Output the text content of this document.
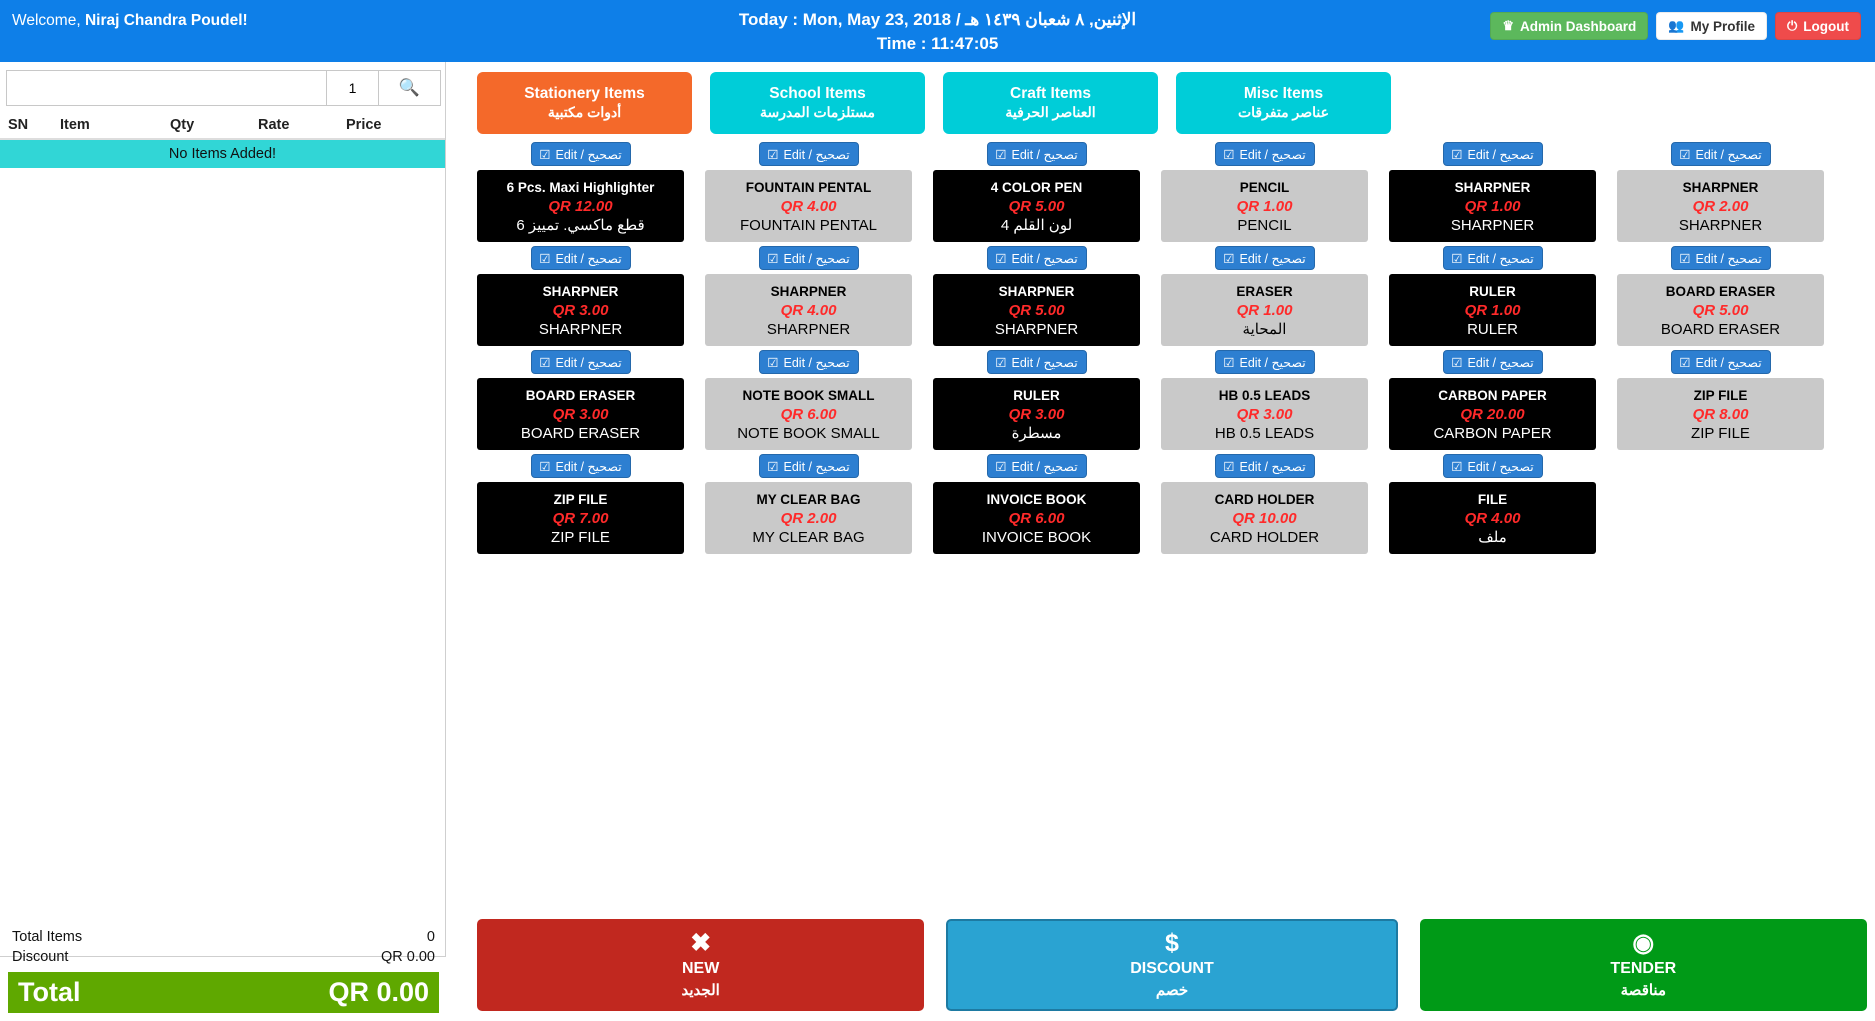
Welcome, Niraj Chandra Poudel!	Today : Mon, May 23, 2018 / الإثنين, ٨ شعبان ١٤٣٩ هـ
Time : 11:47:05
♛ Admin Dashboard 👥 My Profile ⏻ Logout
1
🔍
SN	Item	Qty	Rate	Price
No Items Added!
Total Items	0
Discount	QR 0.00
Total	QR 0.00
Stationery Items
أدوات مكتبية
School Items
مستلزمات المدرسة
Craft Items
العناصر الحرفية
Misc Items
عناصر متفرقات
☑ Edit / تصحيح
6 Pcs. Maxi Highlighter
QR 12.00
6 قطع ماكسي. تمييز
☑ Edit / تصحيح
FOUNTAIN PENTAL
QR 4.00
FOUNTAIN PENTAL
☑ Edit / تصحيح
4 COLOR PEN
QR 5.00
4 لون القلم
☑ Edit / تصحيح
PENCIL
QR 1.00
PENCIL
☑ Edit / تصحيح
SHARPNER
QR 1.00
SHARPNER
☑ Edit / تصحيح
SHARPNER
QR 2.00
SHARPNER
☑ Edit / تصحيح
SHARPNER
QR 3.00
SHARPNER
☑ Edit / تصحيح
SHARPNER
QR 4.00
SHARPNER
☑ Edit / تصحيح
SHARPNER
QR 5.00
SHARPNER
☑ Edit / تصحيح
ERASER
QR 1.00
المحاية
☑ Edit / تصحيح
RULER
QR 1.00
RULER
☑ Edit / تصحيح
BOARD ERASER
QR 5.00
BOARD ERASER
☑ Edit / تصحيح
BOARD ERASER
QR 3.00
BOARD ERASER
☑ Edit / تصحيح
NOTE BOOK SMALL
QR 6.00
NOTE BOOK SMALL
☑ Edit / تصحيح
RULER
QR 3.00
مسطرة
☑ Edit / تصحيح
HB 0.5 LEADS
QR 3.00
HB 0.5 LEADS
☑ Edit / تصحيح
CARBON PAPER
QR 20.00
CARBON PAPER
☑ Edit / تصحيح
ZIP FILE
QR 8.00
ZIP FILE
☑ Edit / تصحيح
ZIP FILE
QR 7.00
ZIP FILE
☑ Edit / تصحيح
MY CLEAR BAG
QR 2.00
MY CLEAR BAG
☑ Edit / تصحيح
INVOICE BOOK
QR 6.00
INVOICE BOOK
☑ Edit / تصحيح
CARD HOLDER
QR 10.00
CARD HOLDER
☑ Edit / تصحيح
FILE
QR 4.00
ملف
✖
NEW
الجديد
$
DISCOUNT
خصم
◉
TENDER
مناقصة
